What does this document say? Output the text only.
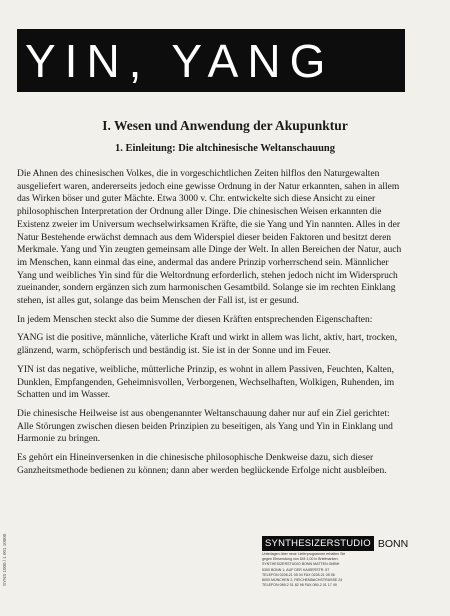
YIN, YANG
I. Wesen und Anwendung der Akupunktur
1. Einleitung: Die altchinesische Weltanschauung

Die Ahnen des chinesischen Volkes, die in vorgeschichtlichen Zeiten hilflos den Naturgewalten ausgeliefert waren, andererseits jedoch eine gewisse Ordnung in der Natur erkannten, sahen in allem das Wirken böser und guter Mächte. Etwa 3000 v. Chr. entwickelte sich diese Ansicht zu einer philosophischen Interpretation der Ordnung aller Dinge. Die chinesischen Weisen erkannten die Existenz zweier im Universum wechselwirksamen Kräfte, die sie Yang und Yin nannten. Alles in der Natur Bestehende erwächst demnach aus dem Widerspiel dieser beiden Faktoren und besitzt deren Merkmale. Yang und Yin zeugten gemeinsam alle Dinge der Welt. In allen Bereichen der Natur, auch im Menschen, kann einmal das eine, andermal das andere Prinzip vorherrschend sein. Männlicher Yang und weibliches Yin sind für die Weltordnung erforderlich, stehen jedoch nicht im Widerspruch zueinander, sondern ergänzen sich zum harmonischen Gesamtbild. Solange sie im rechten Einklang stehen, ist alles gut, solange das beim Menschen der Fall ist, ist er gesund.

In jedem Menschen steckt also die Summe der diesen Kräften entsprechenden Eigenschaften:

YANG ist die positive, männliche, väterliche Kraft und wirkt in allem was licht, aktiv, hart, trocken, glänzend, warm, schöpferisch und beständig ist. Sie ist in der Sonne und im Feuer.

YIN ist das negative, weibliche, mütterliche Prinzip, es wohnt in allem Passiven, Feuchten, Kalten, Dunklen, Empfangenden, Geheimnisvollen, Verborgenen, Wechselhaften, Wolkigen, Ruhenden, im Schatten und im Wasser.

Die chinesische Heilweise ist aus obengenannter Weltanschauung daher nur auf ein Ziel gerichtet: Alle Störungen zwischen diesen beiden Prinzipien zu beseitigen, als Yang und Yin in Einklang und Harmonie zu bringen.

Es gehört ein Hineinversenken in die chinesische philosophische Denkweise dazu, sich dieser Ganzheitsmethode bedienen zu können; dann aber werden beglückende Erfolge nicht ausbleiben.

SYNS 1000 / 1 001 10000	SYNTHESIZERSTUDIO BONN
Unterlagen über neue Lieferprogramme erhalten Sie
gegen Einsendung von DM 1,00 in Briefmarken:
SYNTHESIZERSTUDIO BONN MATTEN GMBH
5300 BONN 1, AUF DER KAISERSTR. 57
TELEFON 0228-21 05 04 FAX 0228-21 05 06
8000 MÜNCHEN 2, REICHENBACHSTRASSE 24
TELEFON 089-2 01 82 96 FAX 089-2 01 17 49
